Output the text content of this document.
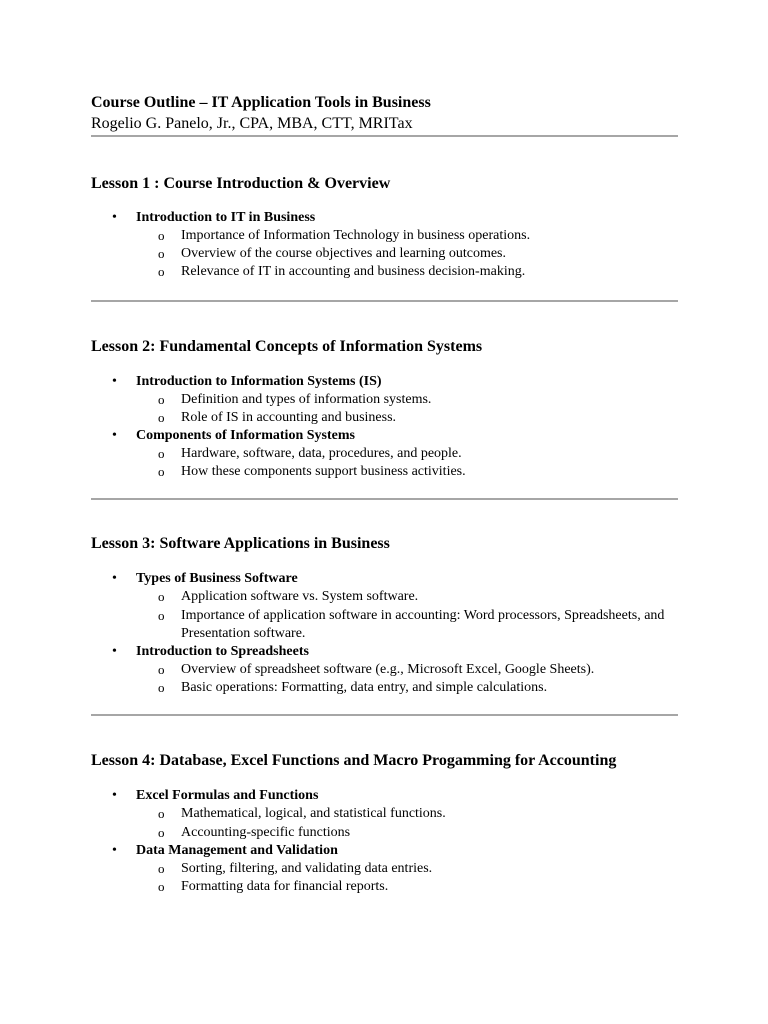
Course Outline – IT Application Tools in Business

Rogelio G. Panelo, Jr., CPA, MBA, CTT, MRITax

Lesson 1 : Course Introduction & Overview
• Introduction to IT in Business
o Importance of Information Technology in business operations.
o Overview of the course objectives and learning outcomes.
o Relevance of IT in accounting and business decision-making.
Lesson 2: Fundamental Concepts of Information Systems
• Introduction to Information Systems (IS)
o Definition and types of information systems.
o Role of IS in accounting and business.
• Components of Information Systems
o Hardware, software, data, procedures, and people.
o How these components support business activities.
Lesson 3: Software Applications in Business
• Types of Business Software
o Application software vs. System software.
o Importance of application software in accounting: Word processors, Spreadsheets, and Presentation software.
• Introduction to Spreadsheets
o Overview of spreadsheet software (e.g., Microsoft Excel, Google Sheets).
o Basic operations: Formatting, data entry, and simple calculations.
Lesson 4: Database, Excel Functions and Macro Progamming for Accounting
• Excel Formulas and Functions
o Mathematical, logical, and statistical functions.
o Accounting-specific functions
• Data Management and Validation
o Sorting, filtering, and validating data entries.
o Formatting data for financial reports.
